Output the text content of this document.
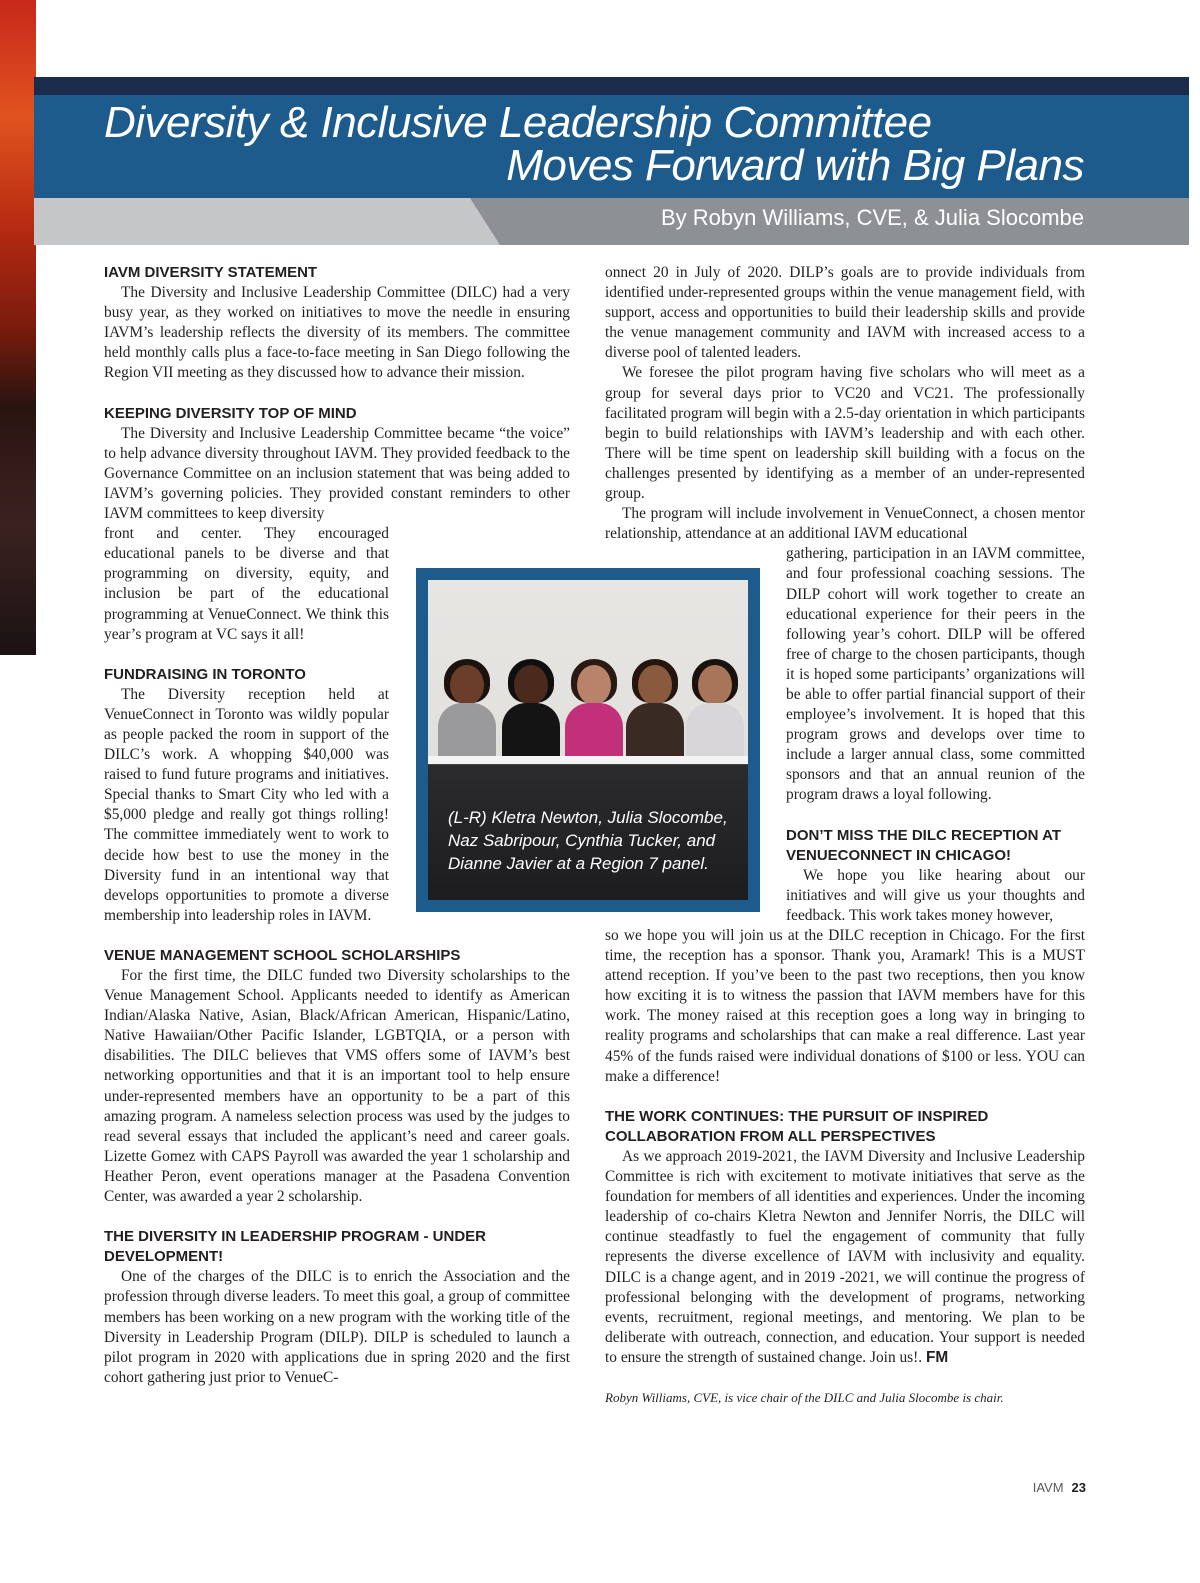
Diversity & Inclusive Leadership Committee
Moves Forward with Big Plans
By Robyn Williams, CVE, & Julia Slocombe
IAVM DIVERSITY STATEMENT

The Diversity and Inclusive Leadership Committee (DILC) had a very busy year, as they worked on initiatives to move the needle in ensuring IAVM’s leadership reflects the diversity of its members. The committee held monthly calls plus a face-to-face meeting in San Diego following the Region VII meeting as they discussed how to advance their mission.

KEEPING DIVERSITY TOP OF MIND

The Diversity and Inclusive Leadership Committee became “the voice” to help advance diversity throughout IAVM. They provided feedback to the Governance Committee on an inclusion statement that was being added to IAVM’s governing policies. They provided constant reminders to other IAVM committees to keep diversity

front and center. They encouraged educational panels to be diverse and that programming on diversity, equity, and inclusion be part of the educational programming at VenueConnect. We think this year’s program at VC says it all!

FUNDRAISING IN TORONTO

The Diversity reception held at VenueConnect in Toronto was wildly popular as people packed the room in support of the DILC’s work. A whopping $40,000 was raised to fund future programs and initiatives. Special thanks to Smart City who led with a $5,000 pledge and really got things rolling! The committee immediately went to work to decide how best to use the money in the Diversity fund in an intentional way that develops opportunities to promote a diverse membership into leadership roles in IAVM.

VENUE MANAGEMENT SCHOOL SCHOLARSHIPS

For the first time, the DILC funded two Diversity scholarships to the Venue Management School. Applicants needed to identify as American Indian/Alaska Native, Asian, Black/African American, Hispanic/Latino, Native Hawaiian/Other Pacific Islander, LGBTQIA, or a person with disabilities. The DILC believes that VMS offers some of IAVM’s best networking opportunities and that it is an important tool to help ensure under-represented members have an opportunity to be a part of this amazing program. A nameless selection process was used by the judges to read several essays that included the applicant’s need and career goals. Lizette Gomez with CAPS Payroll was awarded the year 1 scholarship and Heather Peron, event operations manager at the Pasadena Convention Center, was awarded a year 2 scholarship.

THE DIVERSITY IN LEADERSHIP PROGRAM - UNDER DEVELOPMENT!

One of the charges of the DILC is to enrich the Association and the profession through diverse leaders. To meet this goal, a group of committee members has been working on a new program with the working title of the Diversity in Leadership Program (DILP). DILP is scheduled to launch a pilot program in 2020 with applications due in spring 2020 and the first cohort gathering just prior to VenueC-

onnect 20 in July of 2020. DILP’s goals are to provide individuals from identified under-represented groups within the venue management field, with support, access and opportunities to build their leadership skills and provide the venue management community and IAVM with increased access to a diverse pool of talented leaders.

We foresee the pilot program having five scholars who will meet as a group for several days prior to VC20 and VC21. The professionally facilitated program will begin with a 2.5-day orientation in which participants begin to build relationships with IAVM’s leadership and with each other. There will be time spent on leadership skill building with a focus on the challenges presented by identifying as a member of an under-represented group.

The program will include involvement in VenueConnect, a chosen mentor relationship, attendance at an additional IAVM educational

gathering, participation in an IAVM committee, and four professional coaching sessions. The DILP cohort will work together to create an educational experience for their peers in the following year’s cohort. DILP will be offered free of charge to the chosen participants, though it is hoped some participants’ organizations will be able to offer partial financial support of their employee’s involvement. It is hoped that this program grows and develops over time to include a larger annual class, some committed sponsors and that an annual reunion of the program draws a loyal following.

DON’T MISS THE DILC RECEPTION AT VENUECONNECT IN CHICAGO!

We hope you like hearing about our initiatives and will give us your thoughts and feedback. This work takes money however,

so we hope you will join us at the DILC reception in Chicago. For the first time, the reception has a sponsor. Thank you, Aramark! This is a MUST attend reception. If you’ve been to the past two receptions, then you know how exciting it is to witness the passion that IAVM members have for this work. The money raised at this reception goes a long way in bringing to reality programs and scholarships that can make a real difference. Last year 45% of the funds raised were individual donations of $100 or less. YOU can make a difference!

THE WORK CONTINUES: THE PURSUIT OF INSPIRED COLLABORATION FROM ALL PERSPECTIVES

As we approach 2019-2021, the IAVM Diversity and Inclusive Leadership Committee is rich with excitement to motivate initiatives that serve as the foundation for members of all identities and experiences. Under the incoming leadership of co-chairs Kletra Newton and Jennifer Norris, the DILC will continue steadfastly to fuel the engagement of community that fully represents the diverse excellence of IAVM with inclusivity and equality. DILC is a change agent, and in 2019 -2021, we will continue the progress of professional belonging with the development of programs, networking events, recruitment, regional meetings, and mentoring. We plan to be deliberate with outreach, connection, and education. Your support is needed to ensure the strength of sustained change. Join us!. FM

Robyn Williams, CVE, is vice chair of the DILC and Julia Slocombe is chair.

(L-R) Kletra Newton, Julia Slocombe, Naz Sabripour, Cynthia Tucker, and Dianne Javier at a Region 7 panel.
IAVM 23
